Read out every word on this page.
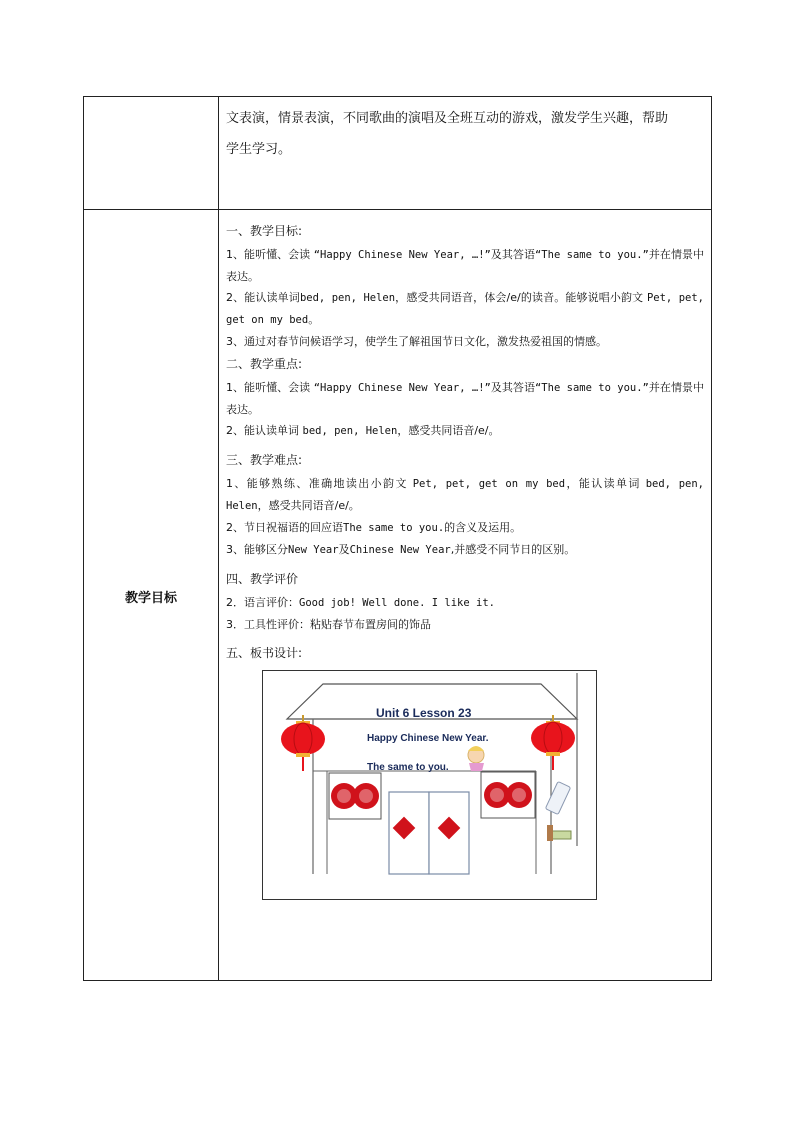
文表演，情景表演，不同歌曲的演唱及全班互动的游戏，激发学生兴趣，帮助

学生学习。

教学目标
一、教学目标:

1、能听懂、会读 “Happy Chinese New Year, …!”及其答语“The same to you.”并在情景中表达。

2、能认读单词bed, pen, Helen，感受共同语音，体会/e/的读音。能够说唱小韵文 Pet, pet, get on my bed。

3、通过对春节问候语学习，使学生了解祖国节日文化，激发热爱祖国的情感。

二、教学重点:

1、能听懂、会读 “Happy Chinese New Year, …!”及其答语“The same to you.”并在情景中表达。

2、能认读单词 bed, pen, Helen，感受共同语音/e/。

三、教学难点:

1、能够熟练、准确地读出小韵文 Pet, pet, get on my bed，能认读单词 bed, pen, Helen，感受共同语音/e/。

2、节日祝福语的回应语The same to you.的含义及运用。

3、能够区分New Year及Chinese New Year,并感受不同节日的区别。

四、教学评价

2．语言评价：Good job! Well done. I like it.

3．工具性评价：粘贴春节布置房间的饰品

五、板书设计:
Unit 6 Lesson 23
Happy Chinese New Year.
The same to you.
